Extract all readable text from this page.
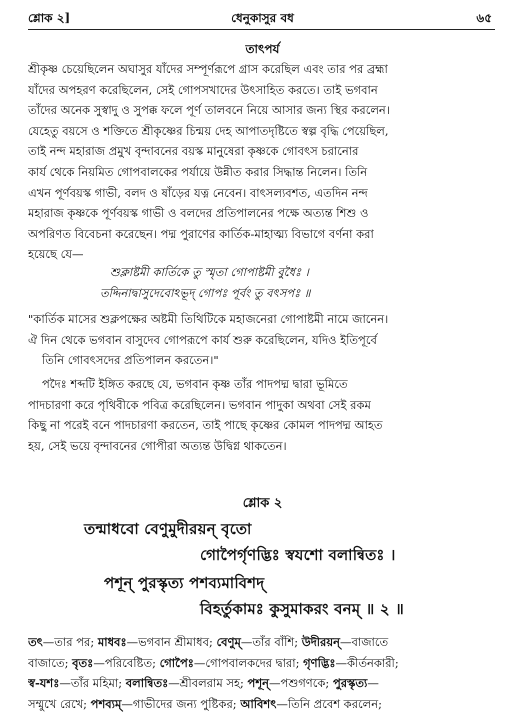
শ্লোক ২]	ধেনুকাসুর বধ	৬৫
তাৎপর্য
শ্রীকৃষ্ণ চেয়েছিলেন অঘাসুর যাঁদের সম্পূর্ণরূপে গ্রাস করেছিল এবং তার পর ব্রহ্মা
যাঁদের অপহরণ করেছিলেন, সেই গোপসখাদের উৎসাহিত করতে। তাই ভগবান
তাঁদের অনেক সুস্বাদু ও সুপক্ক ফলে পূর্ণ তালবনে নিয়ে আসার জন্য স্থির করলেন।
যেহেতু বয়সে ও শক্তিতে শ্রীকৃষ্ণের চিন্ময় দেহ আপাতদৃষ্টিতে স্বল্প বৃদ্ধি পেয়েছিল,
তাই নন্দ মহারাজ প্রমুখ বৃন্দাবনের বয়স্ক মানুষেরা কৃষ্ণকে গোবৎস চরানোর
কার্য থেকে নিয়মিত গোপবালকের পর্যায়ে উন্নীত করার সিদ্ধান্ত নিলেন। তিনি
এখন পূর্ণবয়স্ক গাভী, বলদ ও ষাঁড়ের যত্ন নেবেন। বাৎসল্যবশত, এতদিন নন্দ
মহারাজ কৃষ্ণকে পূর্ণবয়স্ক গাভী ও বলদের প্রতিপালনের পক্ষে অত্যন্ত শিশু ও
অপরিণত বিবেচনা করেছেন। পদ্ম পুরাণের কার্তিক-মাহাত্ম্য বিভাগে বর্ণনা করা
হয়েছে যে—
শুক্লাষ্টমী কার্তিকে তু স্মৃতা গোপাষ্টমী বুধৈঃ ।
তদ্দিনাদ্বাসুদেবোঽভূদ্ গোপঃ পূর্বং তু বৎসপঃ ॥
"কার্তিক মাসের শুক্লপক্ষের অষ্টমী তিথিটিকে মহাজনেরা গোপাষ্টমী নামে জানেন।
ঐ দিন থেকে ভগবান বাসুদেব গোপরূপে কার্য শুরু করেছিলেন, যদিও ইতিপূর্বে
তিনি গোবৎসদের প্রতিপালন করতেন।"
পদৈঃ শব্দটি ইঙ্গিত করছে যে, ভগবান কৃষ্ণ তাঁর পাদপদ্ম দ্বারা ভূমিতে
পাদচারণা করে পৃথিবীকে পবিত্র করেছিলেন। ভগবান পাদুকা অথবা সেই রকম
কিছু না পরেই বনে পাদচারণা করতেন, তাই পাছে কৃষ্ণের কোমল পাদপদ্ম আহত
হয়, সেই ভয়ে বৃন্দাবনের গোপীরা অত্যন্ত উদ্বিগ্ন থাকতেন।
শ্লোক ২
তন্মাধবো বেণুমুদীরয়ন্ বৃতো
গোপৈর্গৃণদ্ভিঃ স্বযশো বলান্বিতঃ ।
পশূন্ পুরস্কৃত্য পশব্যমাবিশদ্
বিহর্তুকামঃ কুসুমাকরং বনম্ ॥ ২ ॥
তৎ—তার পর; মাধবঃ—ভগবান শ্রীমাধব; বেণুম্—তাঁর বাঁশি; উদীরয়ন্—বাজাতে
বাজাতে; বৃতঃ—পরিবেষ্টিত; গোপৈঃ—গোপবালকদের দ্বারা; গৃণদ্ভিঃ—কীর্তনকারী;
স্ব-যশঃ—তাঁর মহিমা; বলান্বিতঃ—শ্রীবলরাম সহ; পশূন্—পশুগণকে; পুরস্কৃত্য—
সম্মুখে রেখে; পশব্যম্—গাভীদের জন্য পুষ্টিকর; আবিশৎ—তিনি প্রবেশ করলেন;
